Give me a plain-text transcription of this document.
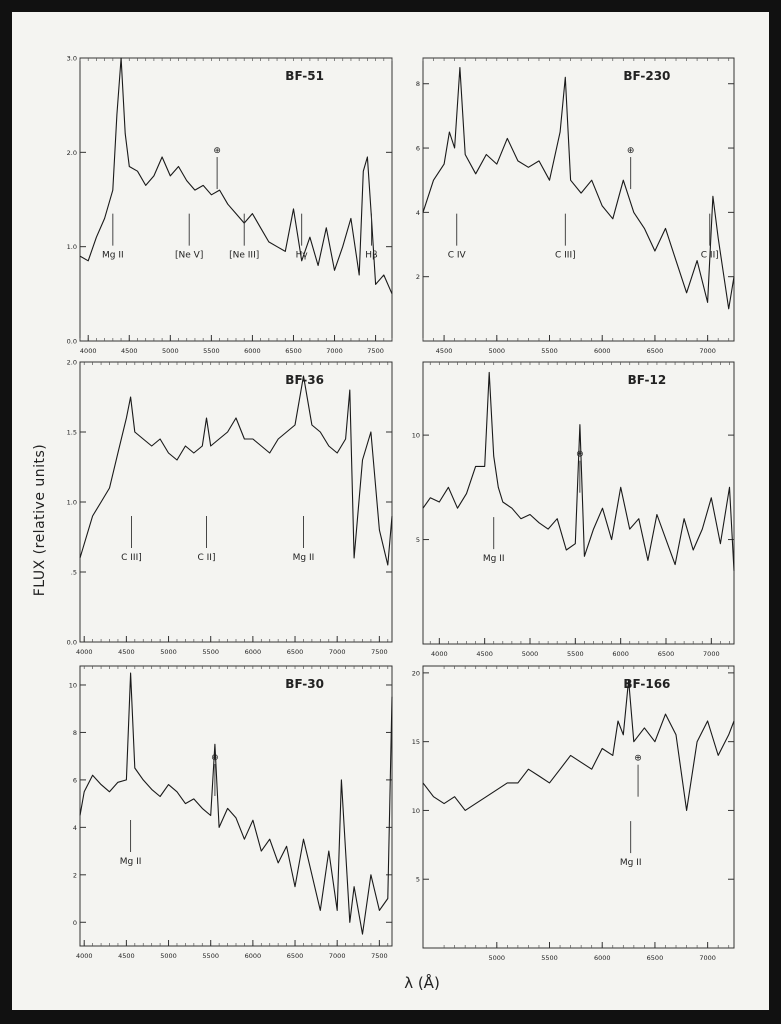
4000	4500	5000	5500	6000	6500	7000	7500
0.0
1.0
2.0
3.0
BF-51
Mg II	[Ne V]	[Ne III]	Hγ	Hβ
⊕
4500	5000	5500	6000	6500	7000
2
4
6
8
BF-230
C IV	C III]
⊕
C II]
4000	4500	5000	5500	6000	6500	7000	7500
0.0
.5
1.0
1.5
2.0
BF-36
C III]	C II]	Mg II
4000	4500	5000	5500	6000	6500	7000
5
10
BF-12
Mg II
⊕
4000	4500	5000	5500	6000	6500	7000	7500
0
2
4
6
8
10	BF-30
Mg II
⊕
5000	5500	6000	6500	7000
5
10
15
20
BF-166
Mg II
⊕
FLUX (relative units)
λ (Å)
